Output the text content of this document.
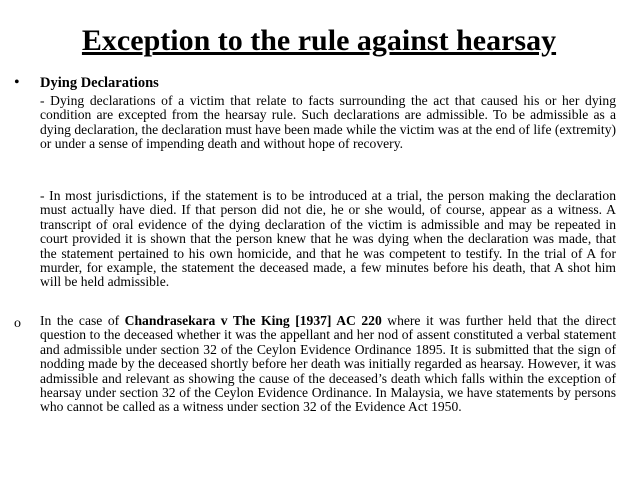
Exception to the rule against hearsay
• Dying Declarations

- Dying declarations of a victim that relate to facts surrounding the act that caused his or her dying condition are excepted from the hearsay rule. Such declarations are admissible. To be admissible as a dying declaration, the declaration must have been made while the victim was at the end of life (extremity) or under a sense of impending death and without hope of recovery.

- In most jurisdictions, if the statement is to be introduced at a trial, the person making the declaration must actually have died. If that person did not die, he or she would, of course, appear as a witness. A transcript of oral evidence of the dying declaration of the victim is admissible and may be repeated in court provided it is shown that the person knew that he was dying when the declaration was made, that the statement pertained to his own homicide, and that he was competent to testify. In the trial of A for murder, for example, the statement the deceased made, a few minutes before his death, that A shot him will be held admissible.

o In the case of Chandrasekara v The King [1937] AC 220 where it was further held that the direct question to the deceased whether it was the appellant and her nod of assent constituted a verbal statement and admissible under section 32 of the Ceylon Evidence Ordinance 1895. It is submitted that the sign of nodding made by the deceased shortly before her death was initially regarded as hearsay. However, it was admissible and relevant as showing the cause of the deceased’s death which falls within the exception of hearsay under section 32 of the Ceylon Evidence Ordinance. In Malaysia, we have statements by persons who cannot be called as a witness under section 32 of the Evidence Act 1950.
